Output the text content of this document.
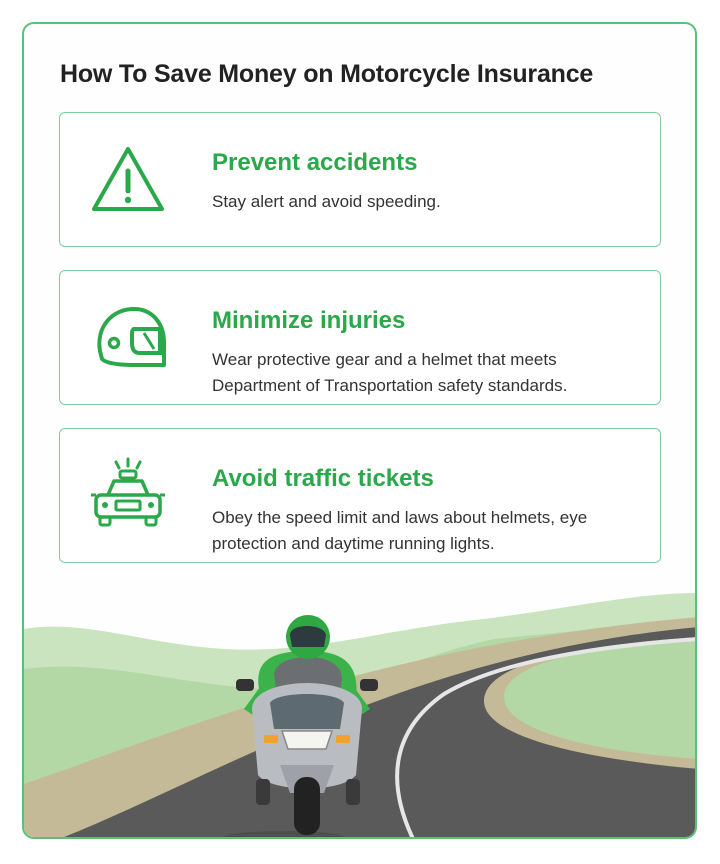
How To Save Money on Motorcycle Insurance
Prevent accidents
Stay alert and avoid speeding.
Minimize injuries
Wear protective gear and a helmet that meets Department of Transportation safety standards.
Avoid traffic tickets
Obey the speed limit and laws about helmets, eye protection and daytime running lights.
